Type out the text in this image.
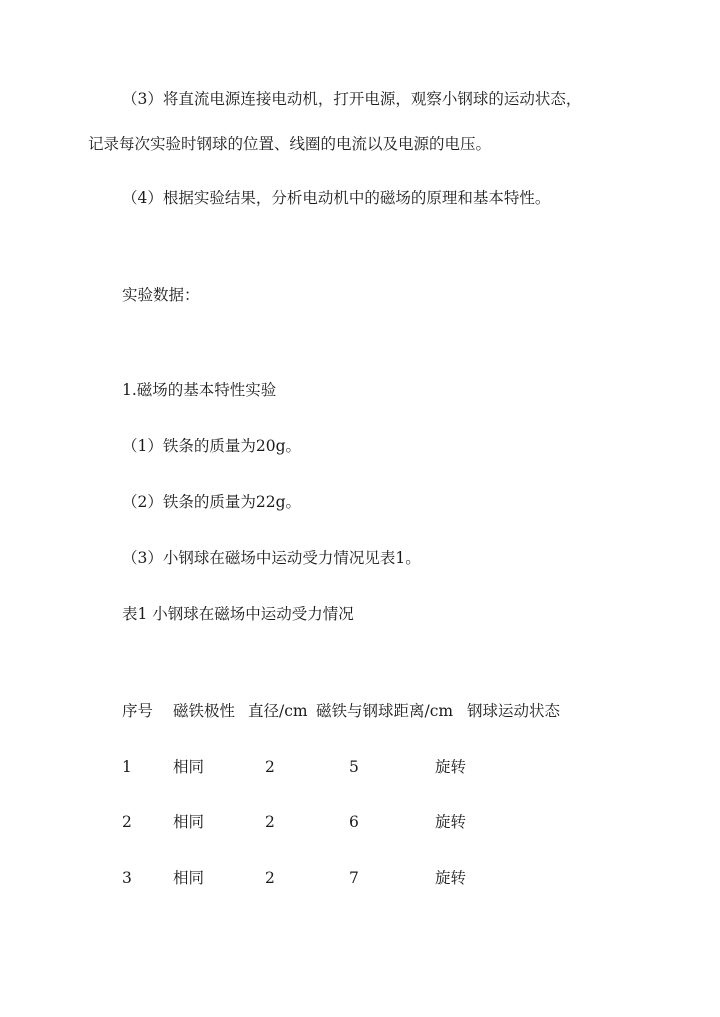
（3）将直流电源连接电动机，打开电源，观察小钢球的运动状态，
记录每次实验时钢球的位置、线圈的电流以及电源的电压。
（4）根据实验结果，分析电动机中的磁场的原理和基本特性。
实验数据：
1.磁场的基本特性实验
（1）铁条的质量为20g。
（2）铁条的质量为22g。
（3）小钢球在磁场中运动受力情况见表1。
表1 小钢球在磁场中运动受力情况
序号 磁铁极性 直径/cm 磁铁与钢球距离/cm 钢球运动状态
1	相同	2	5	旋转
2	相同	2	6	旋转
3	相同	2	7	旋转
